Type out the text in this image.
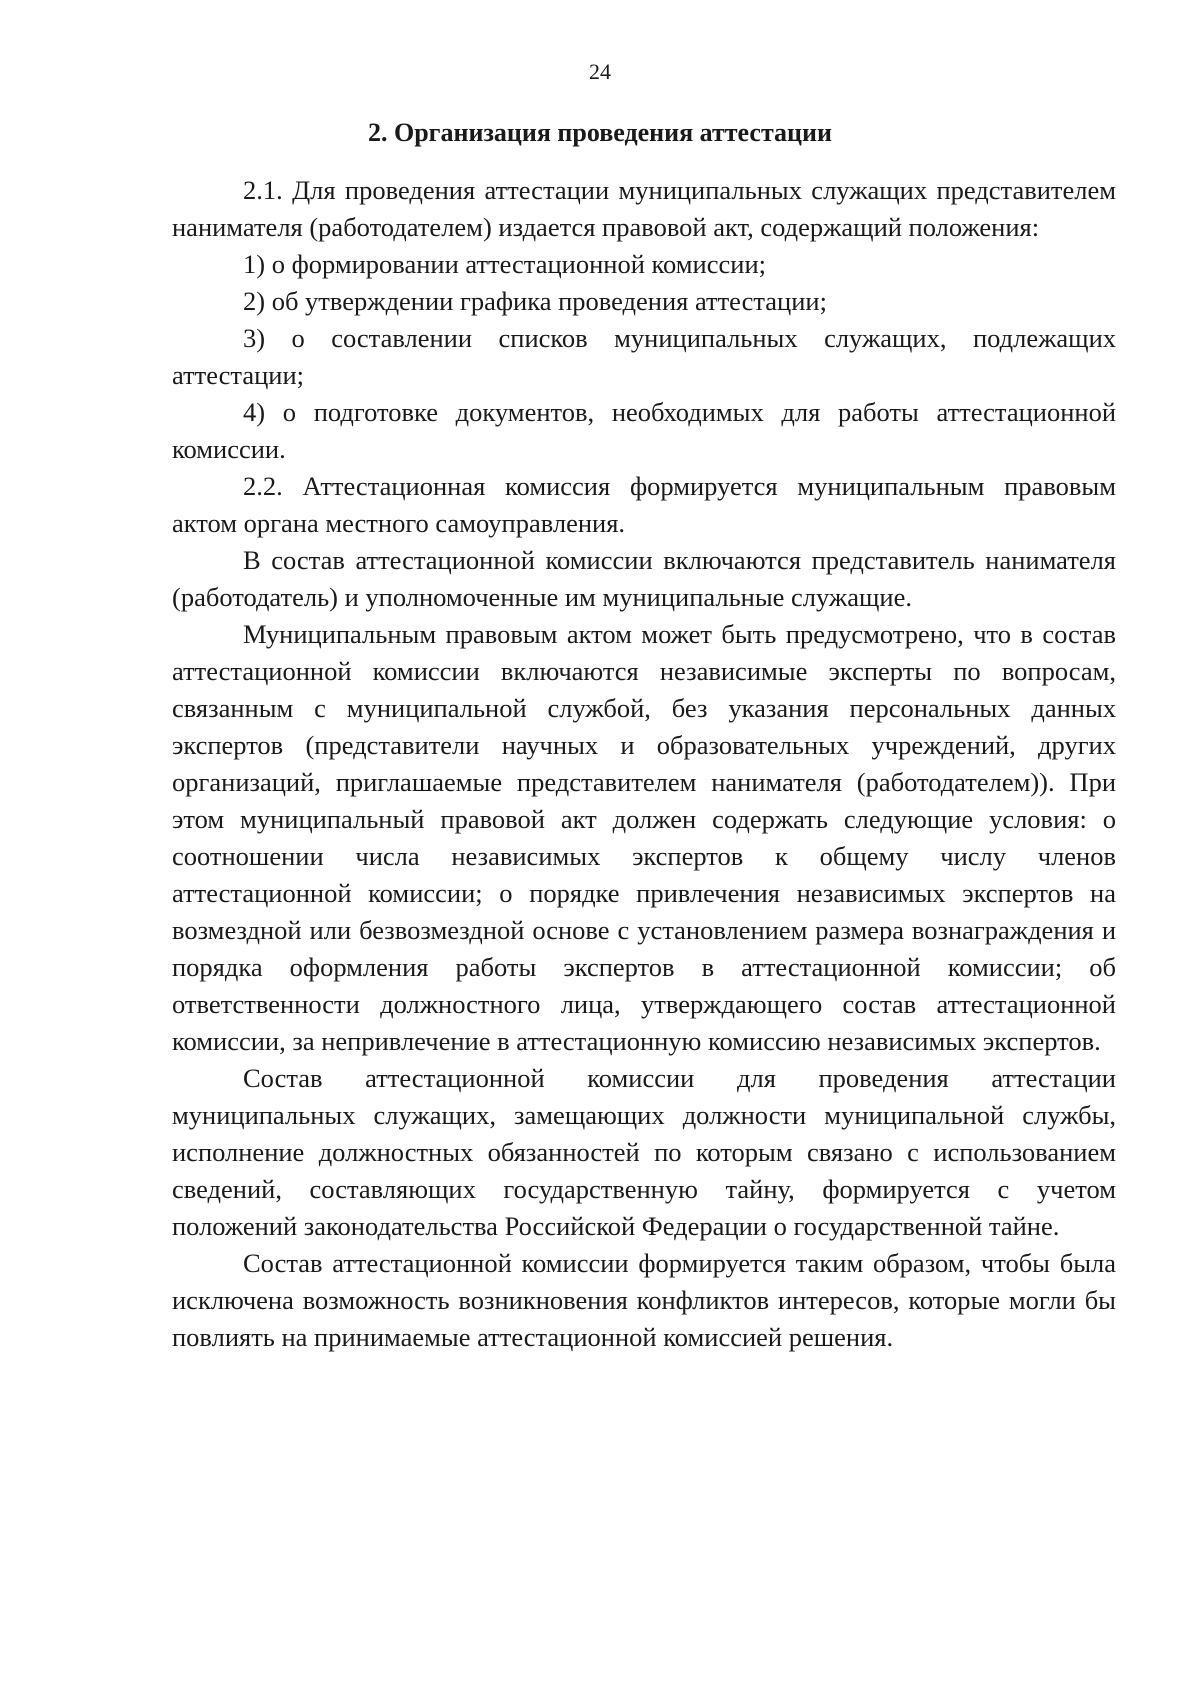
24
2. Организация проведения аттестации

2.1. Для проведения аттестации муниципальных служащих представителем нанимателя (работодателем) издается правовой акт, содержащий положения:

1) о формировании аттестационной комиссии;

2) об утверждении графика проведения аттестации;

3) о составлении списков муниципальных служащих, подлежащих аттестации;

4) о подготовке документов, необходимых для работы аттестационной комиссии.

2.2. Аттестационная комиссия формируется муниципальным правовым актом органа местного самоуправления.

В состав аттестационной комиссии включаются представитель нанимателя (работодатель) и уполномоченные им муниципальные служащие.

Муниципальным правовым актом может быть предусмотрено, что в состав аттестационной комиссии включаются независимые эксперты по вопросам, связанным с муниципальной службой, без указания персональных данных экспертов (представители научных и образовательных учреждений, других организаций, приглашаемые представителем нанимателя (работодателем)). При этом муниципальный правовой акт должен содержать следующие условия: о соотношении числа независимых экспертов к общему числу членов аттестационной комиссии; о порядке привлечения независимых экспертов на возмездной или безвозмездной основе с установлением размера вознаграждения и порядка оформления работы экспертов в аттестационной комиссии; об ответственности должностного лица, утверждающего состав аттестационной комиссии, за непривлечение в аттестационную комиссию независимых экспертов.

Состав аттестационной комиссии для проведения аттестации муниципальных служащих, замещающих должности муниципальной службы, исполнение должностных обязанностей по которым связано с использованием сведений, составляющих государственную тайну, формируется с учетом положений законодательства Российской Федерации о государственной тайне.

Состав аттестационной комиссии формируется таким образом, чтобы была исключена возможность возникновения конфликтов интересов, которые могли бы повлиять на принимаемые аттестационной комиссией решения.
